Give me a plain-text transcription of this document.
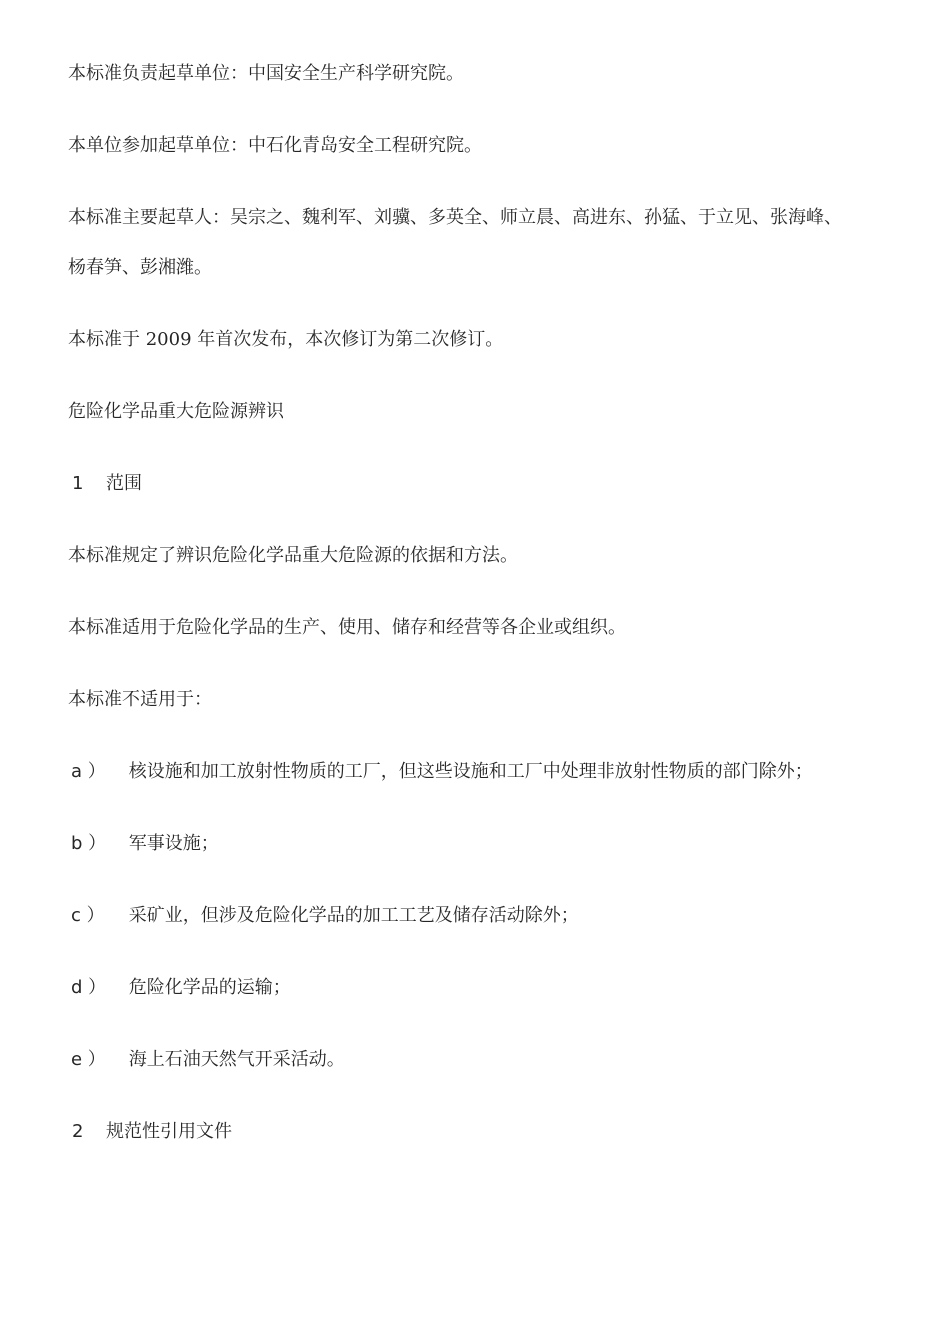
本标准负责起草单位：中国安全生产科学研究院。
本单位参加起草单位：中石化青岛安全工程研究院。
本标准主要起草人：吴宗之、魏利军、刘骥、多英全、师立晨、高进东、孙猛、于立见、张海峰、
杨春笋、彭湘潍。
本标准于 2009 年首次发布，本次修订为第二次修订。
危险化学品重大危险源辨识
1 范围
本标准规定了辨识危险化学品重大危险源的依据和方法。
本标准适用于危险化学品的生产、使用、储存和经营等各企业或组织。
本标准不适用于：
a ） 核设施和加工放射性物质的工厂，但这些设施和工厂中处理非放射性物质的部门除外；
b ） 军事设施；
c ） 采矿业，但涉及危险化学品的加工工艺及储存活动除外；
d ） 危险化学品的运输；
e ） 海上石油天然气开采活动。
2 规范性引用文件
